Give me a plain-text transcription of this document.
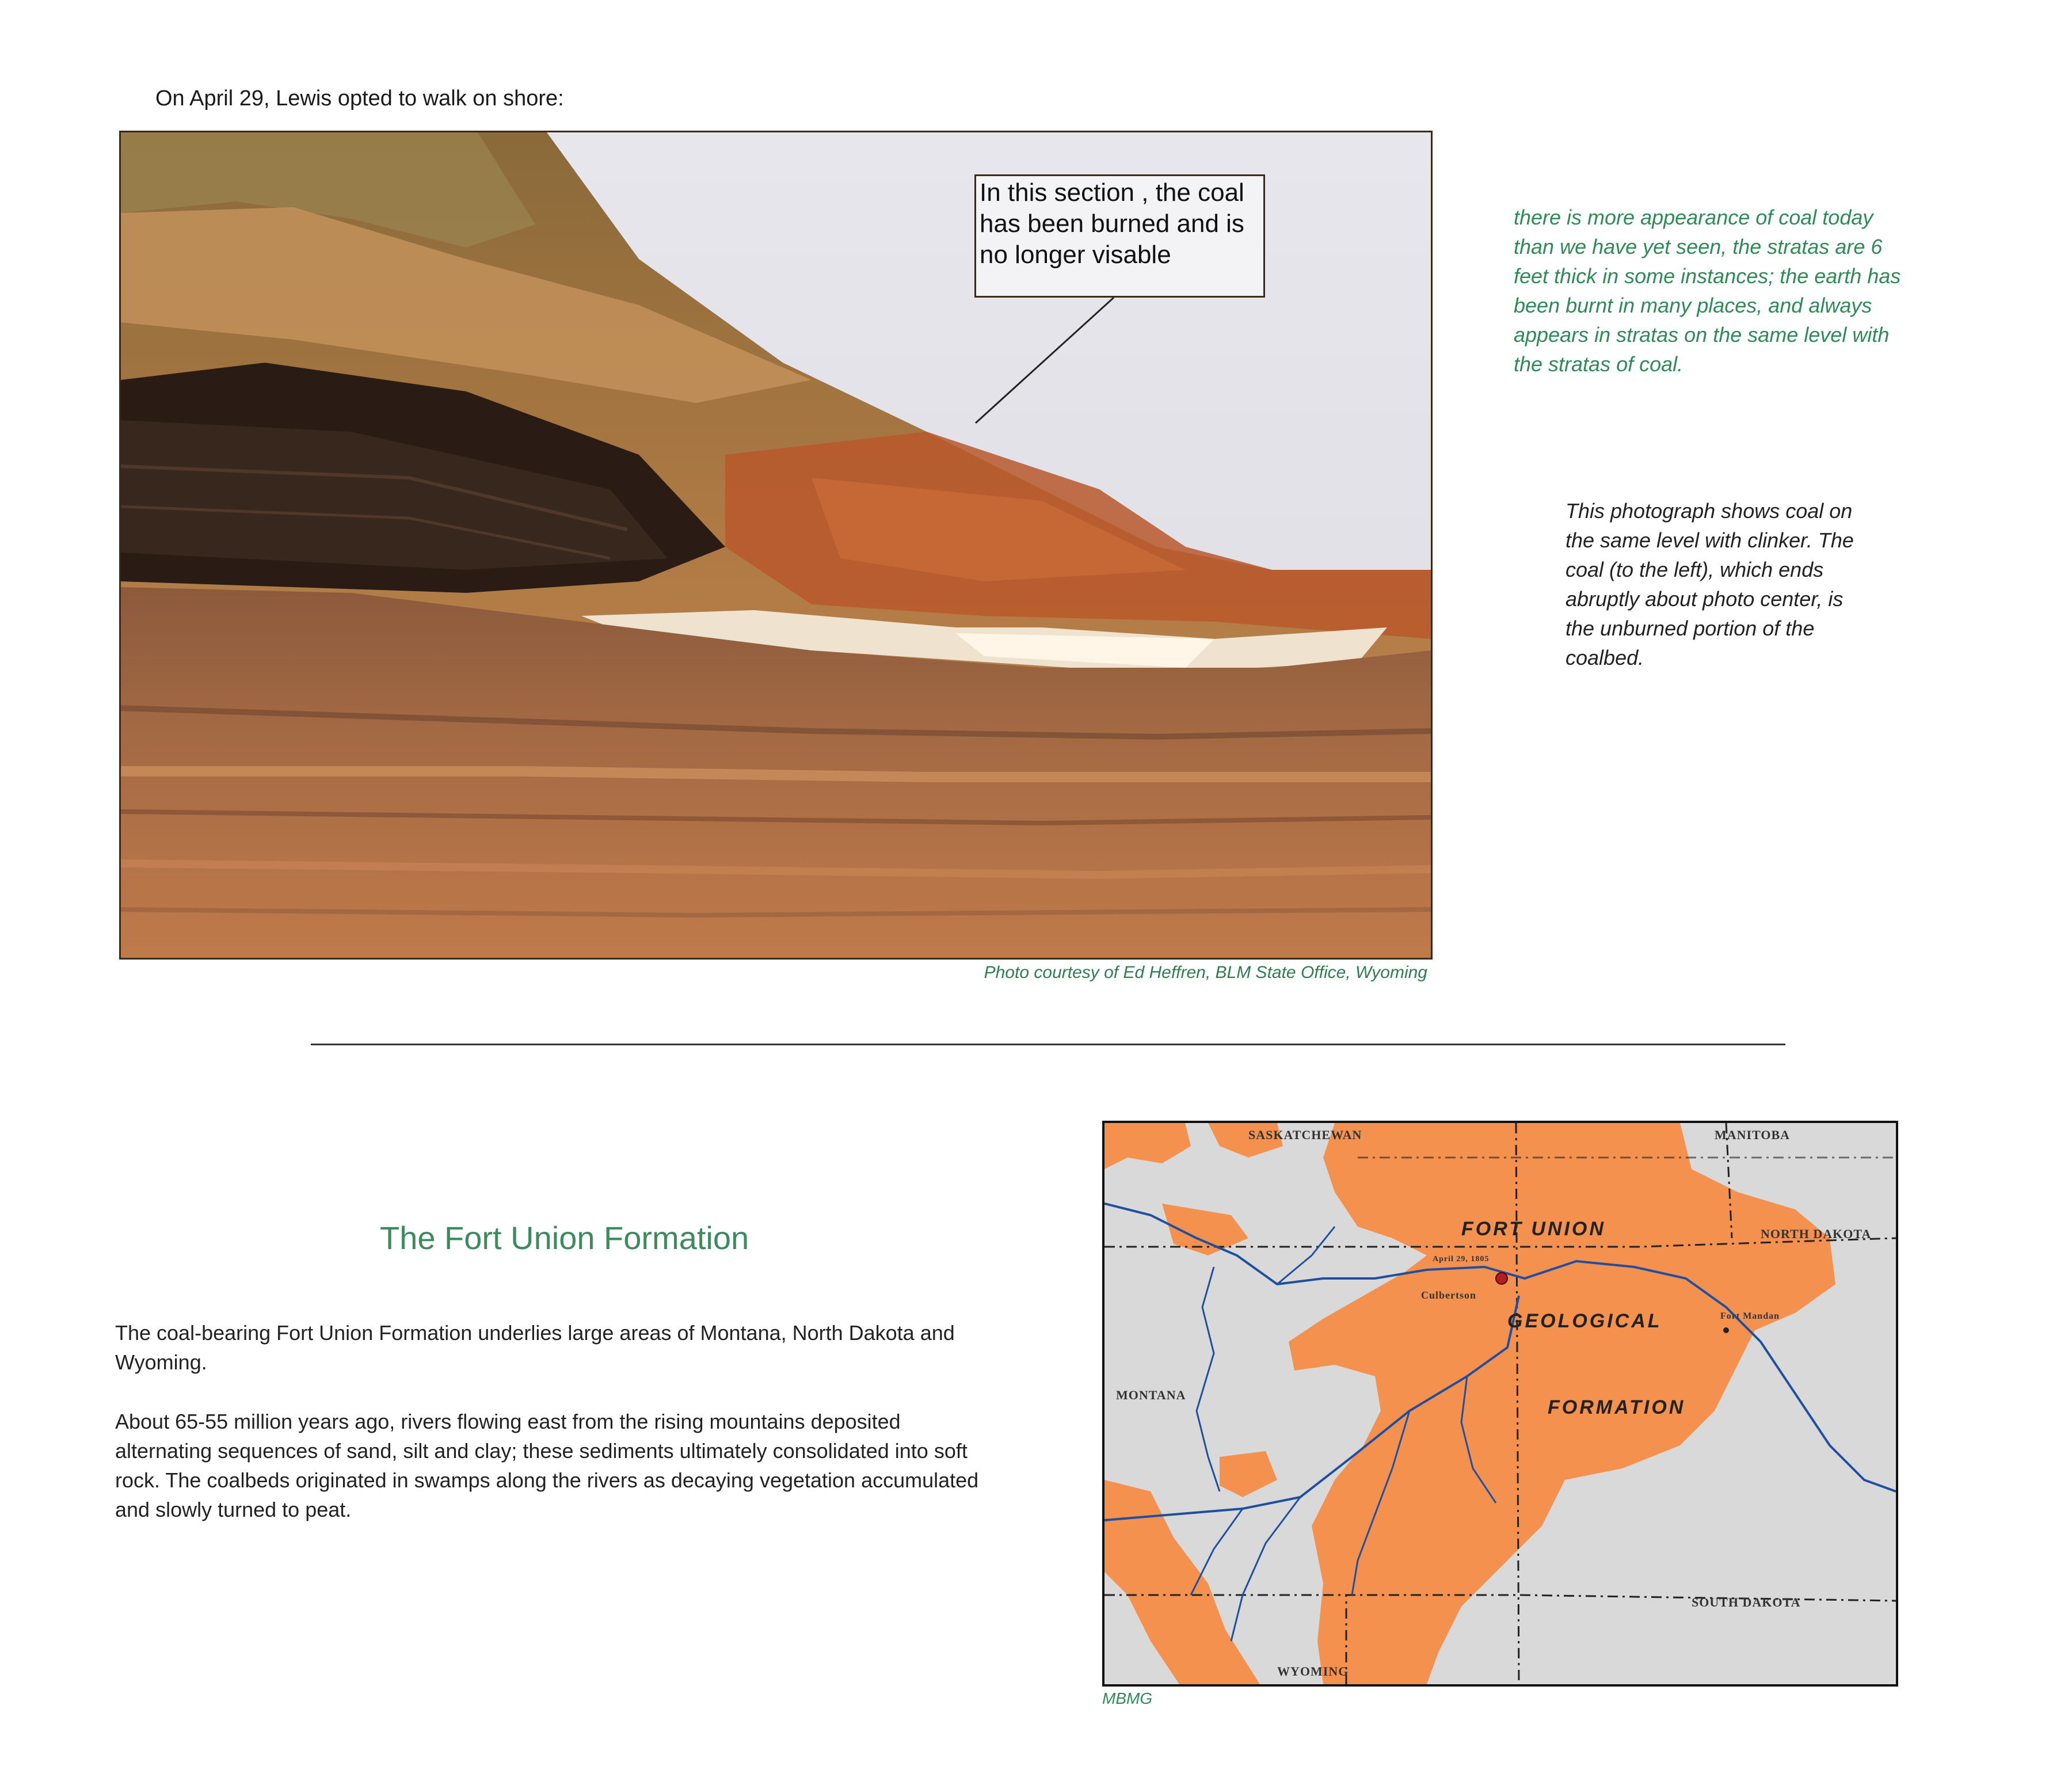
On April 29, Lewis opted to walk on shore:
In this section , the coal has been burned and is no longer visable
Photo courtesy of Ed Heffren, BLM State Office, Wyoming
there is more appearance of coal today than we have yet seen, the stratas are 6 feet thick in some instances; the earth has been burnt in many places, and always appears in stratas on the same level with the stratas of coal.
This photograph shows coal on the same level with clinker. The coal (to the left), which ends abruptly about photo center, is the unburned portion of the coalbed.
The Fort Union Formation
The coal-bearing Fort Union Formation underlies large areas of Montana, North Dakota and Wyoming.
About 65-55 million years ago, rivers flowing east from the rising mountains deposited alternating sequences of sand, silt and clay; these sediments ultimately consolidated into soft rock. The coalbeds originated in swamps along the rivers as decaying vegetation accumulated and slowly turned to peat.
SASKATCHEWAN	MANITOBA
NORTH DAKOTA
MONTANA
SOUTH DAKOTA
WYOMING
Culbertson
Fort Mandan
April 29, 1805
FORT UNION
GEOLOGICAL
FORMATION
MBMG
